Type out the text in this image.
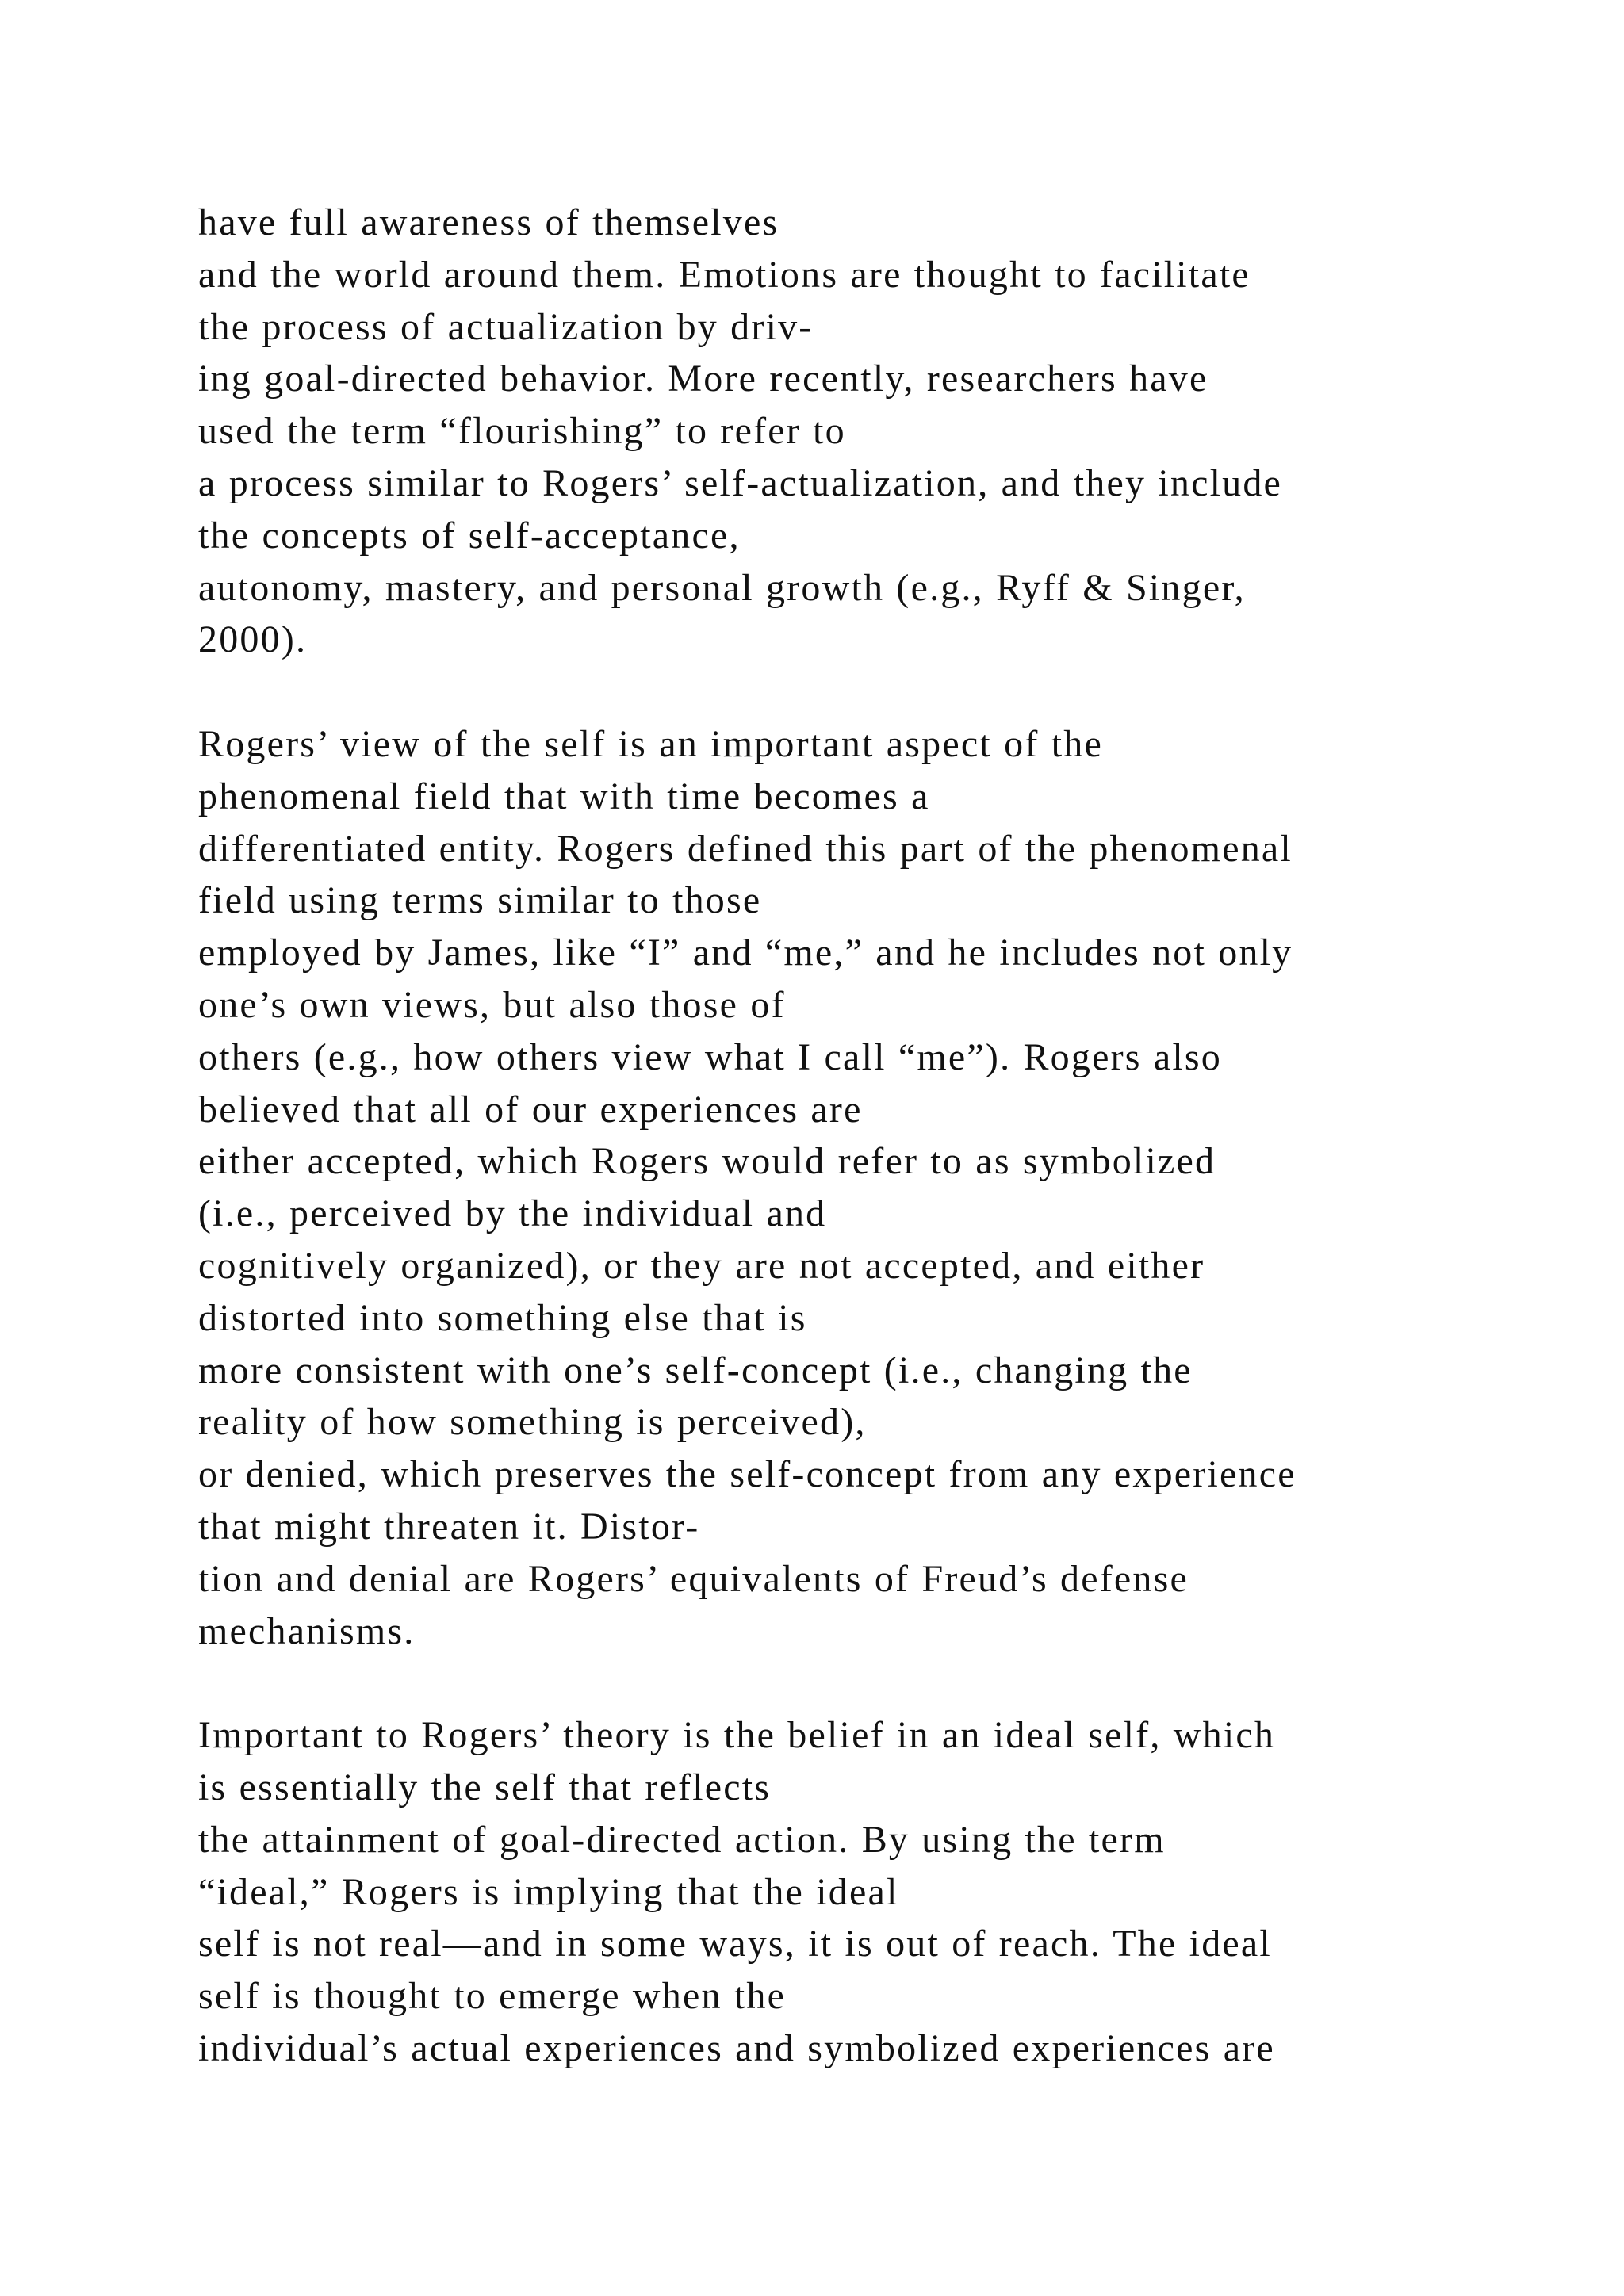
have full awareness of themselves
and the world around them. Emotions are thought to facilitate
the process of actualization by driv-
ing goal-directed behavior. More recently, researchers have
used the term “flourishing” to refer to
a process similar to Rogers’ self-actualization, and they include
the concepts of self-acceptance,
autonomy, mastery, and personal growth (e.g., Ryff & Singer,
2000).
Rogers’ view of the self is an important aspect of the
phenomenal field that with time becomes a
differentiated entity. Rogers defined this part of the phenomenal
field using terms similar to those
employed by James, like “I” and “me,” and he includes not only
one’s own views, but also those of
others (e.g., how others view what I call “me”). Rogers also
believed that all of our experiences are
either accepted, which Rogers would refer to as symbolized
(i.e., perceived by the individual and
cognitively organized), or they are not accepted, and either
distorted into something else that is
more consistent with one’s self-concept (i.e., changing the
reality of how something is perceived),
or denied, which preserves the self-concept from any experience
that might threaten it. Distor-
tion and denial are Rogers’ equivalents of Freud’s defense
mechanisms.
Important to Rogers’ theory is the belief in an ideal self, which
is essentially the self that reflects
the attainment of goal-directed action. By using the term
“ideal,” Rogers is implying that the ideal
self is not real—and in some ways, it is out of reach. The ideal
self is thought to emerge when the
individual’s actual experiences and symbolized experiences are
